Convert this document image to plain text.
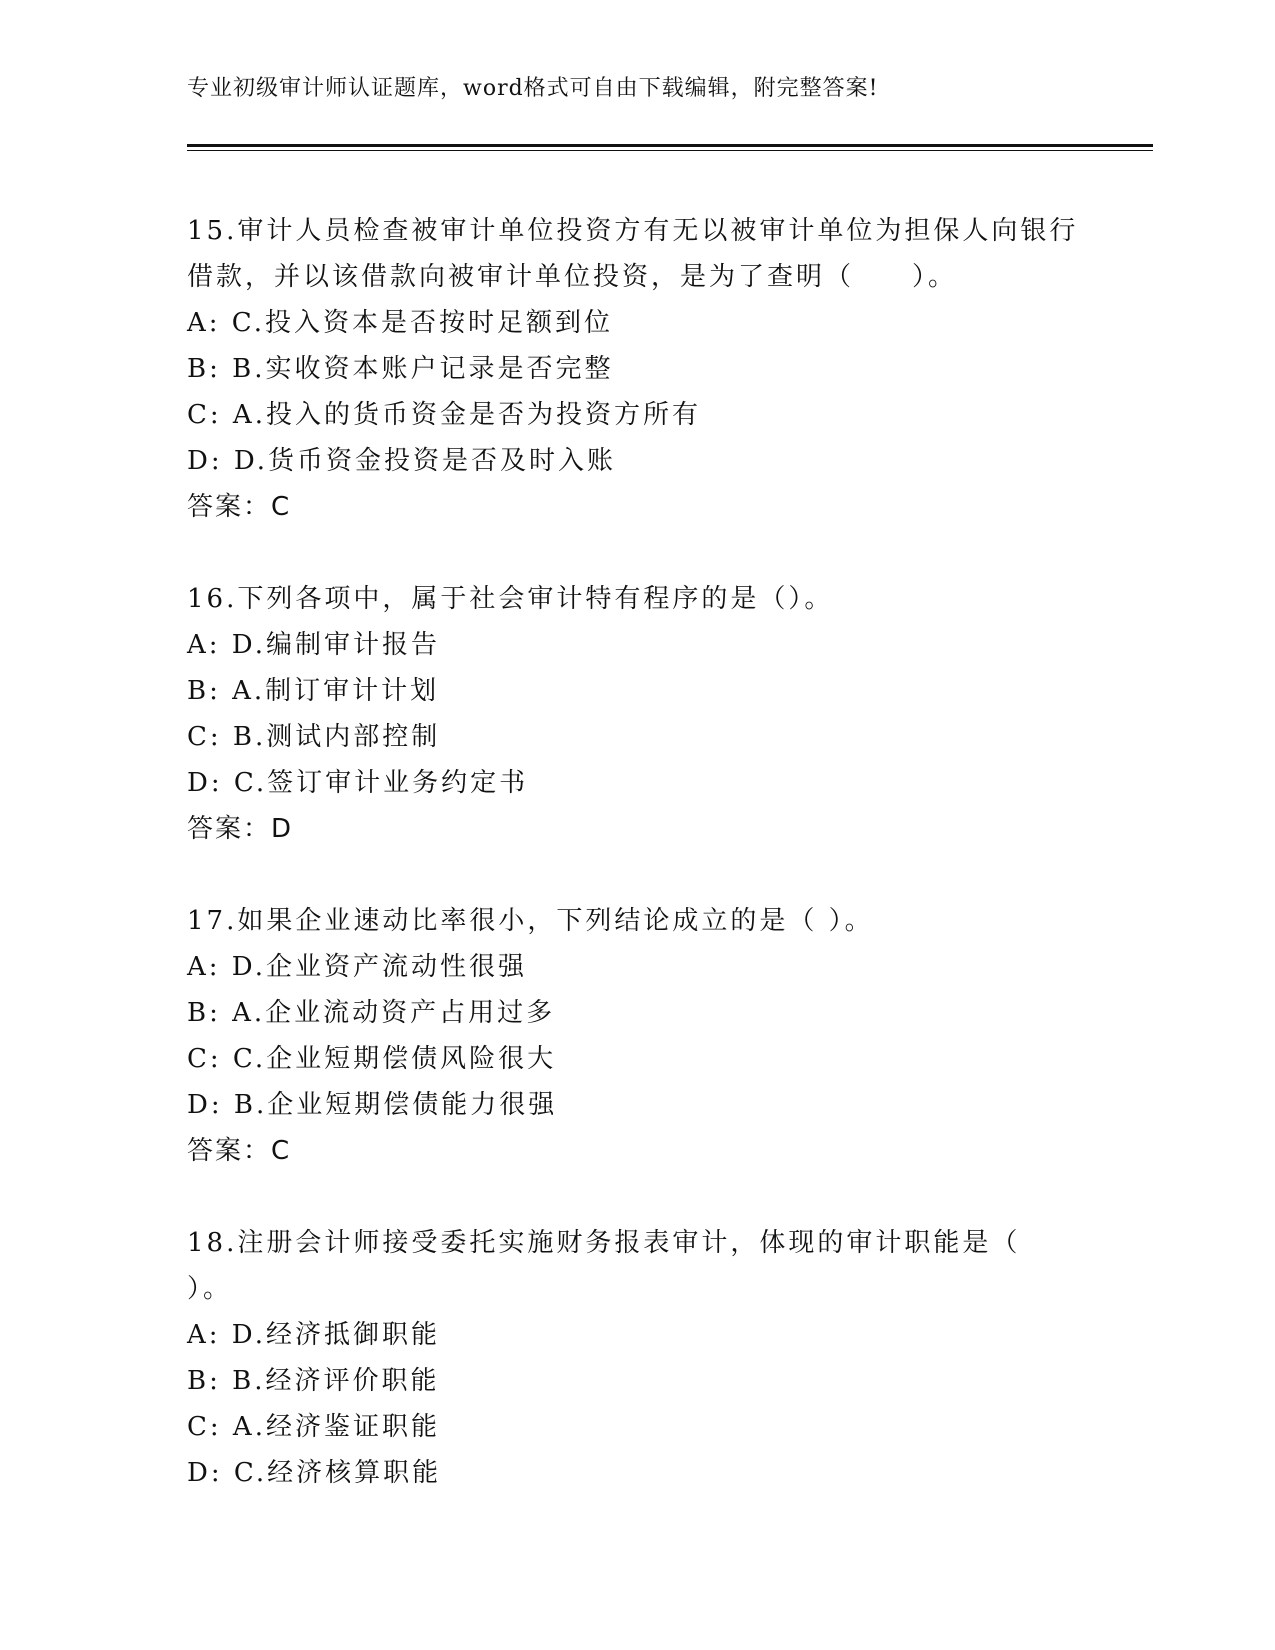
专业初级审计师认证题库，word格式可自由下载编辑，附完整答案!
15.审计人员检查被审计单位投资方有无以被审计单位为担保人向银行
借款，并以该借款向被审计单位投资，是为了查明（　　）。
A: C.投入资本是否按时足额到位
B: B.实收资本账户记录是否完整
C: A.投入的货币资金是否为投资方所有
D: D.货币资金投资是否及时入账
答案：C
16.下列各项中，属于社会审计特有程序的是（）。
A: D.编制审计报告
B: A.制订审计计划
C: B.测试内部控制
D: C.签订审计业务约定书
答案：D
17.如果企业速动比率很小，下列结论成立的是（ ）。
A: D.企业资产流动性很强
B: A.企业流动资产占用过多
C: C.企业短期偿债风险很大
D: B.企业短期偿债能力很强
答案：C
18.注册会计师接受委托实施财务报表审计，体现的审计职能是（
）。
A: D.经济抵御职能
B: B.经济评价职能
C: A.经济鉴证职能
D: C.经济核算职能
